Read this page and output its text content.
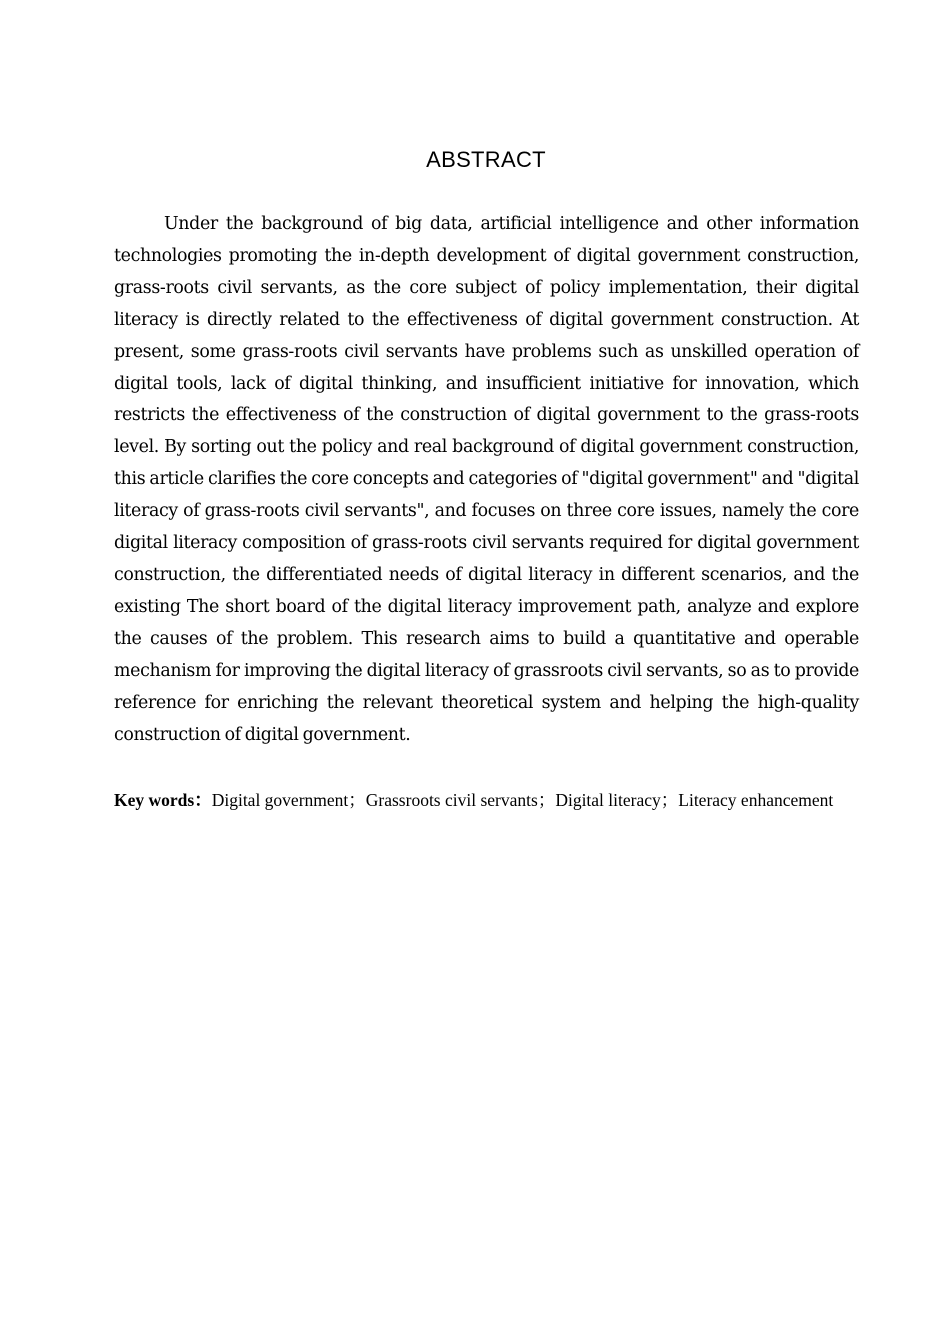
ABSTRACT

Under the background of big data, artificial intelligence and other information technologies promoting the in-depth development of digital government construction, grass-roots civil servants, as the core subject of policy implementation, their digital literacy is directly related to the effectiveness of digital government construction. At present, some grass-roots civil servants have problems such as unskilled operation of digital tools, lack of digital thinking, and insufficient initiative for innovation, which restricts the effectiveness of the construction of digital government to the grass-roots level. By sorting out the policy and real background of digital government construction, this article clarifies the core concepts and categories of "digital government" and "digital literacy of grass-roots civil servants", and focuses on three core issues, namely the core digital literacy composition of grass-roots civil servants required for digital government construction, the differentiated needs of digital literacy in different scenarios, and the existing The short board of the digital literacy improvement path, analyze and explore the causes of the problem. This research aims to build a quantitative and operable mechanism for improving the digital literacy of grassroots civil servants, so as to provide reference for enriching the relevant theoretical system and helping the high-quality construction of digital government.

Key words：Digital government；Grassroots civil servants；Digital literacy；Literacy enhancement
